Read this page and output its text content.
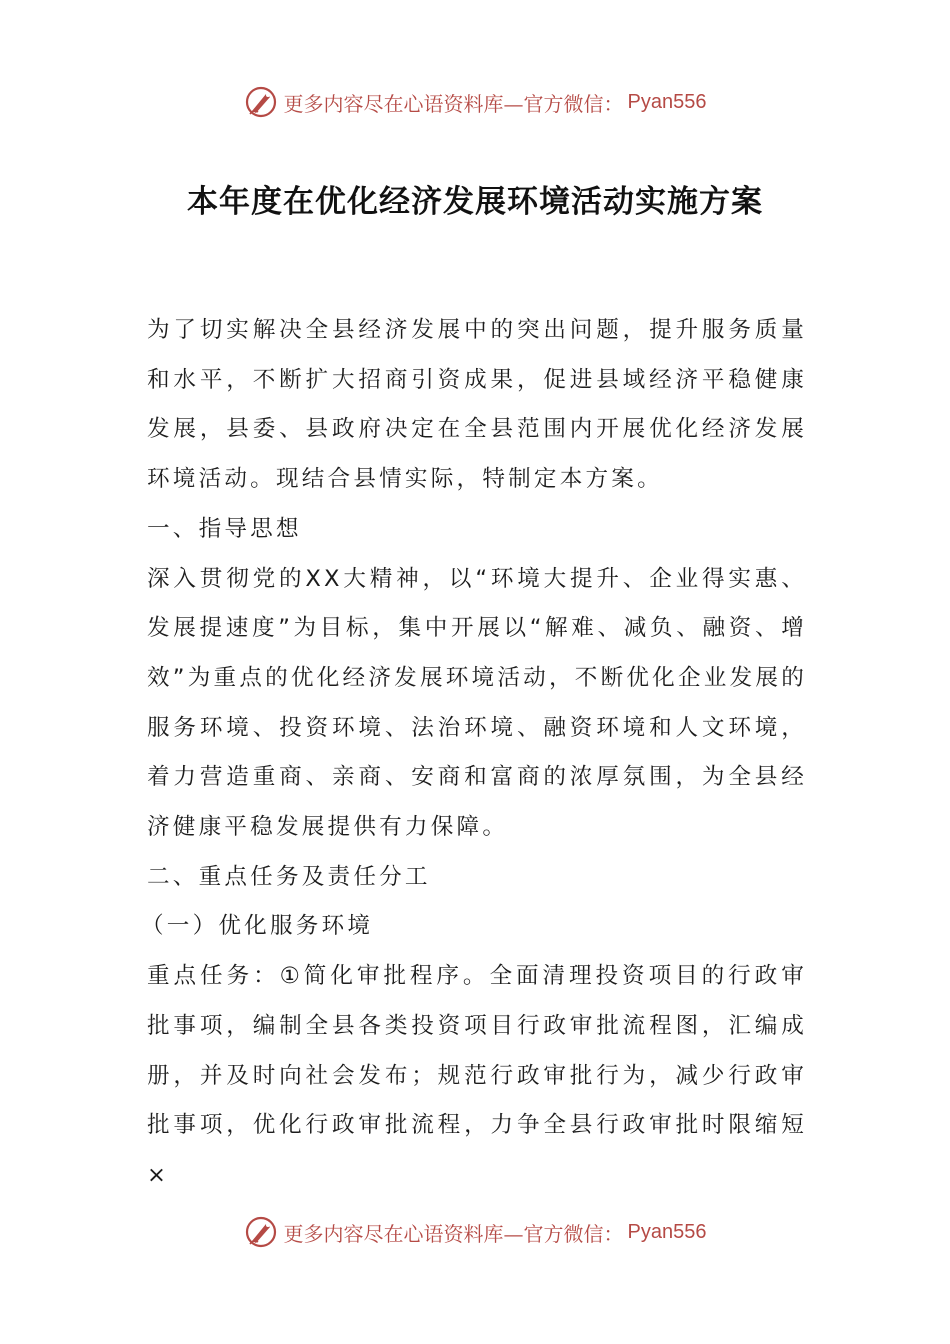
更多内容尽在心语资料库—官方微信： Pyan556
本年度在优化经济发展环境活动实施方案

为了切实解决全县经济发展中的突出问题，提升服务质量和水平，不断扩大招商引资成果，促进县域经济平稳健康发展，县委、县政府决定在全县范围内开展优化经济发展环境活动。现结合县情实际，特制定本方案。

一、指导思想

深入贯彻党的XX大精神，以“环境大提升、企业得实惠、发展提速度”为目标，集中开展以“解难、减负、融资、增效”为重点的优化经济发展环境活动，不断优化企业发展的服务环境、投资环境、法治环境、融资环境和人文环境，着力营造重商、亲商、安商和富商的浓厚氛围，为全县经济健康平稳发展提供有力保障。

二、重点任务及责任分工

（一）优化服务环境

重点任务：①简化审批程序。全面清理投资项目的行政审批事项，编制全县各类投资项目行政审批流程图，汇编成册，并及时向社会发布；规范行政审批行为，减少行政审批事项，优化行政审批流程，力争全县行政审批时限缩短×

更多内容尽在心语资料库—官方微信： Pyan556
